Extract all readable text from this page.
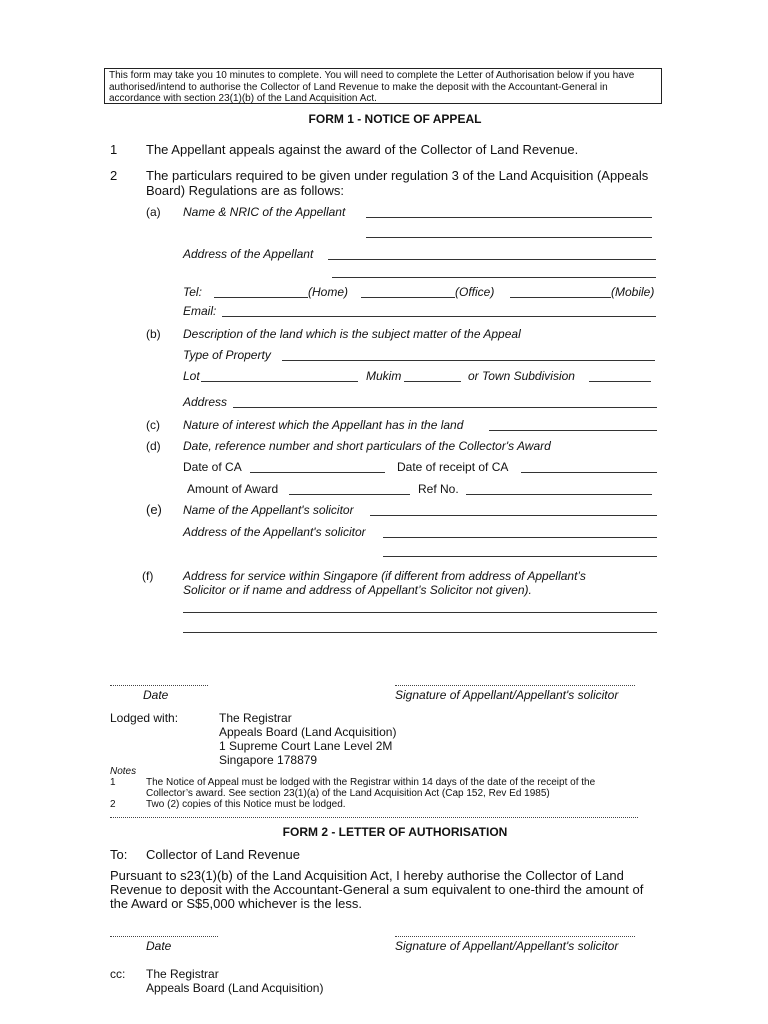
This form may take you 10 minutes to complete. You will need to complete the Letter of Authorisation below if you have
authorised/intend to authorise the Collector of Land Revenue to make the deposit with the Accountant-General in
accordance with section 23(1)(b) of the Land Acquisition Act.
FORM 1 - NOTICE OF APPEAL
1 The Appellant appeals against the award of the Collector of Land Revenue.
2 The particulars required to be given under regulation 3 of the Land Acquisition (Appeals
Board) Regulations are as follows:
(a) Name & NRIC of the Appellant
Address of the Appellant
Tel:	(Home)	(Office)	(Mobile)
Email:
(b) Description of the land which is the subject matter of the Appeal
Type of Property
Lot	Mukim	or Town Subdivision
Address
(c) Nature of interest which the Appellant has in the land
(d) Date, reference number and short particulars of the Collector's Award
Date of CA	Date of receipt of CA
Amount of Award	Ref No.
(e) Name of the Appellant's solicitor
Address of the Appellant's solicitor
(f) Address for service within Singapore (if different from address of Appellant’s
Solicitor or if name and address of Appellant’s Solicitor not given).
Date	Signature of Appellant/Appellant's solicitor
Lodged with:	The Registrar
Appeals Board (Land Acquisition)
1 Supreme Court Lane Level 2M
Singapore 178879
Notes
1	The Notice of Appeal must be lodged with the Registrar within 14 days of the date of the receipt of the
Collector’s award. See section 23(1)(a) of the Land Acquisition Act (Cap 152, Rev Ed 1985)
2	Two (2) copies of this Notice must be lodged.
FORM 2 - LETTER OF AUTHORISATION
To: Collector of Land Revenue
Pursuant to s23(1)(b) of the Land Acquisition Act, I hereby authorise the Collector of Land
Revenue to deposit with the Accountant-General a sum equivalent to one-third the amount of
the Award or S$5,000 whichever is the less.
Date	Signature of Appellant/Appellant's solicitor
cc: The Registrar
Appeals Board (Land Acquisition)
